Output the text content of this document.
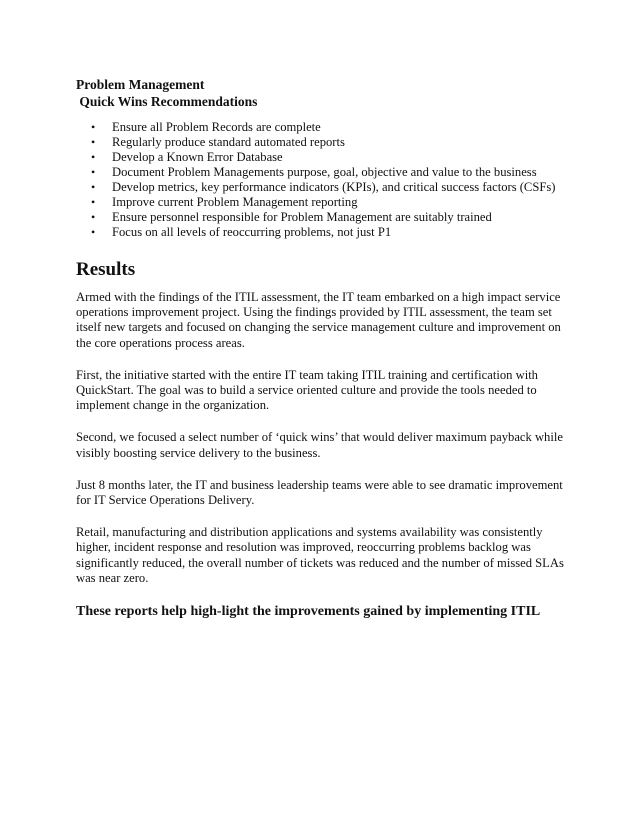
Problem Management

Quick Wins Recommendations

• Ensure all Problem Records are complete
• Regularly produce standard automated reports
• Develop a Known Error Database
• Document Problem Managements purpose, goal, objective and value to the business
• Develop metrics, key performance indicators (KPIs), and critical success factors (CSFs)
• Improve current Problem Management reporting
• Ensure personnel responsible for Problem Management are suitably trained
• Focus on all levels of reoccurring problems, not just P1
Results

Armed with the findings of the ITIL assessment, the IT team embarked on a high impact service operations improvement project. Using the findings provided by ITIL assessment, the team set itself new targets and focused on changing the service management culture and improvement on the core operations process areas.

First, the initiative started with the entire IT team taking ITIL training and certification with QuickStart. The goal was to build a service oriented culture and provide the tools needed to implement change in the organization.

Second, we focused a select number of ‘quick wins’ that would deliver maximum payback while visibly boosting service delivery to the business.

Just 8 months later, the IT and business leadership teams were able to see dramatic improvement for IT Service Operations Delivery.

Retail, manufacturing and distribution applications and systems availability was consistently higher, incident response and resolution was improved, reoccurring problems backlog was significantly reduced, the overall number of tickets was reduced and the number of missed SLAs was near zero.

These reports help high-light the improvements gained by implementing ITIL
